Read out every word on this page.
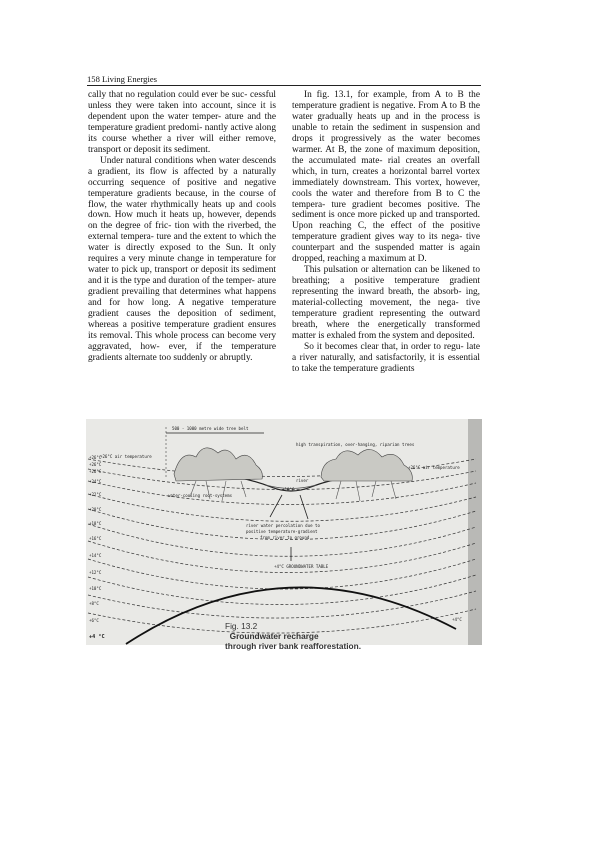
158 Living Energies

cally that no regulation could ever be suc- cessful unless they were taken into account, since it is dependent upon the water temper- ature and the temperature gradient predomi- nantly active along its course whether a river will either remove, transport or deposit its sediment.

Under natural conditions when water descends a gradient, its flow is affected by a naturally occurring sequence of positive and negative temperature gradients because, in the course of flow, the water rhythmically heats up and cools down. How much it heats up, however, depends on the degree of fric- tion with the riverbed, the external tempera- ture and the extent to which the water is directly exposed to the Sun. It only requires a very minute change in temperature for water to pick up, transport or deposit its sediment and it is the type and duration of the temper- ature gradient prevailing that determines what happens and for how long. A negative temperature gradient causes the deposition of sediment, whereas a positive temperature gradient ensures its removal. This whole process can become very aggravated, how- ever, if the temperature gradients alternate too suddenly or abruptly.

In fig. 13.1, for example, from A to B the temperature gradient is negative. From A to B the water gradually heats up and in the process is unable to retain the sediment in suspension and drops it progressively as the water becomes warmer. At B, the zone of maximum deposition, the accumulated mate- rial creates an overfall which, in turn, creates a horizontal barrel vortex immediately downstream. This vortex, however, cools the water and therefore from B to C the tempera- ture gradient becomes positive. The sediment is once more picked up and transported. Upon reaching C, the effect of the positive temperature gradient gives way to its nega- tive counterpart and the suspended matter is again dropped, reaching a maximum at D.

This pulsation or alternation can be likened to breathing; a positive temperature gradient representing the inward breath, the absorb- ing, material-collecting movement, the nega- tive temperature gradient representing the outward breath, where the energetically transformed matter is exhaled from the system and deposited.

So it becomes clear that, in order to regu- late a river naturally, and satisfactorily, it is essential to take the temperature gradients

500 - 1000 metre wide tree belt
high transpiration, over-hanging, riparian trees
+26°C air temperature
+26°C air temperature
river
+16°C
water-cooling root-systems
river water percolation due to
positive temperature-gradient
from river to ground
+4°C GROUNDWATER TABLE
+26°C
+26°C
+26°C
+24°C
+22°C
+20°C
+18°C
+16°C
+14°C
+12°C
+10°C
+8°C
+6°C
+4 °C
+4°C
Fig. 13.2
Groundwater recharge
through river bank reafforestation.
